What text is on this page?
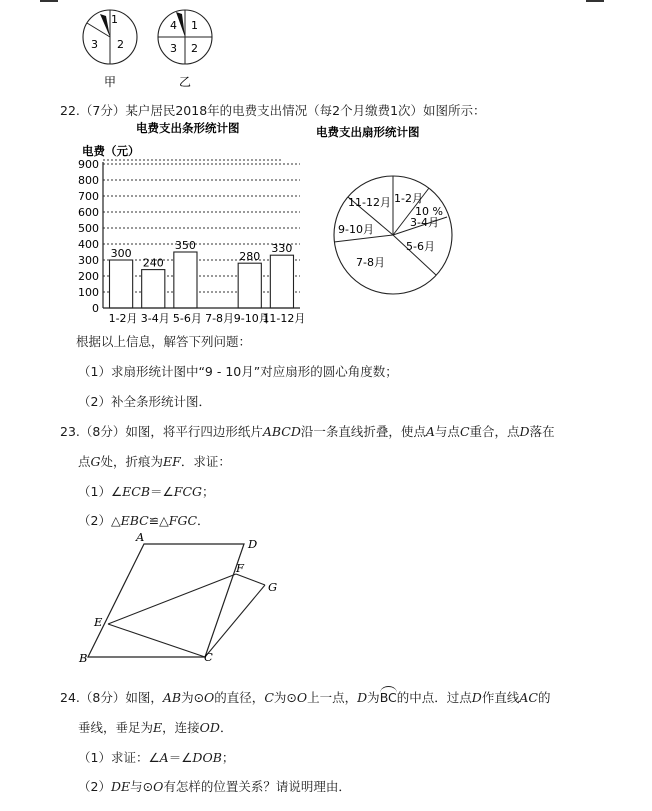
1
2
3
甲
1
2
3
4
乙
22.（7分）某户居民2018年的电费支出情况（每2个月缴费1次）如图所示：
电费支出条形统计图
电费（元）
0
100
200
300
400
500
600
700
800
900
300
240
350
280
330
1-2月 3-4月 5-6月 7-8月 9-10月
11-12月
电费支出扇形统计图
1-2月
10 %
3-4月
5-6月
7-8月
9-10月
11-12月
根据以上信息，解答下列问题：
（1）求扇形统计图中“9 - 10月”对应扇形的圆心角度数；
（2）补全条形统计图．
23.（8分）如图，将平行四边形纸片ABCD沿一条直线折叠，使点A与点C重合，点D落在
点G处，折痕为EF．求证：
（1）∠ECB＝∠FCG；
（2）△EBC≌△FGC．
A	D
F
G
E
B	C
24.（8分）如图，AB为⊙O的直径，C为⊙O上一点，D为
BC的中点．过点D作直线AC的
垂线，垂足为E，连接OD．
（1）求证：∠A＝∠DOB；
（2）DE与⊙O有怎样的位置关系？请说明理由．
